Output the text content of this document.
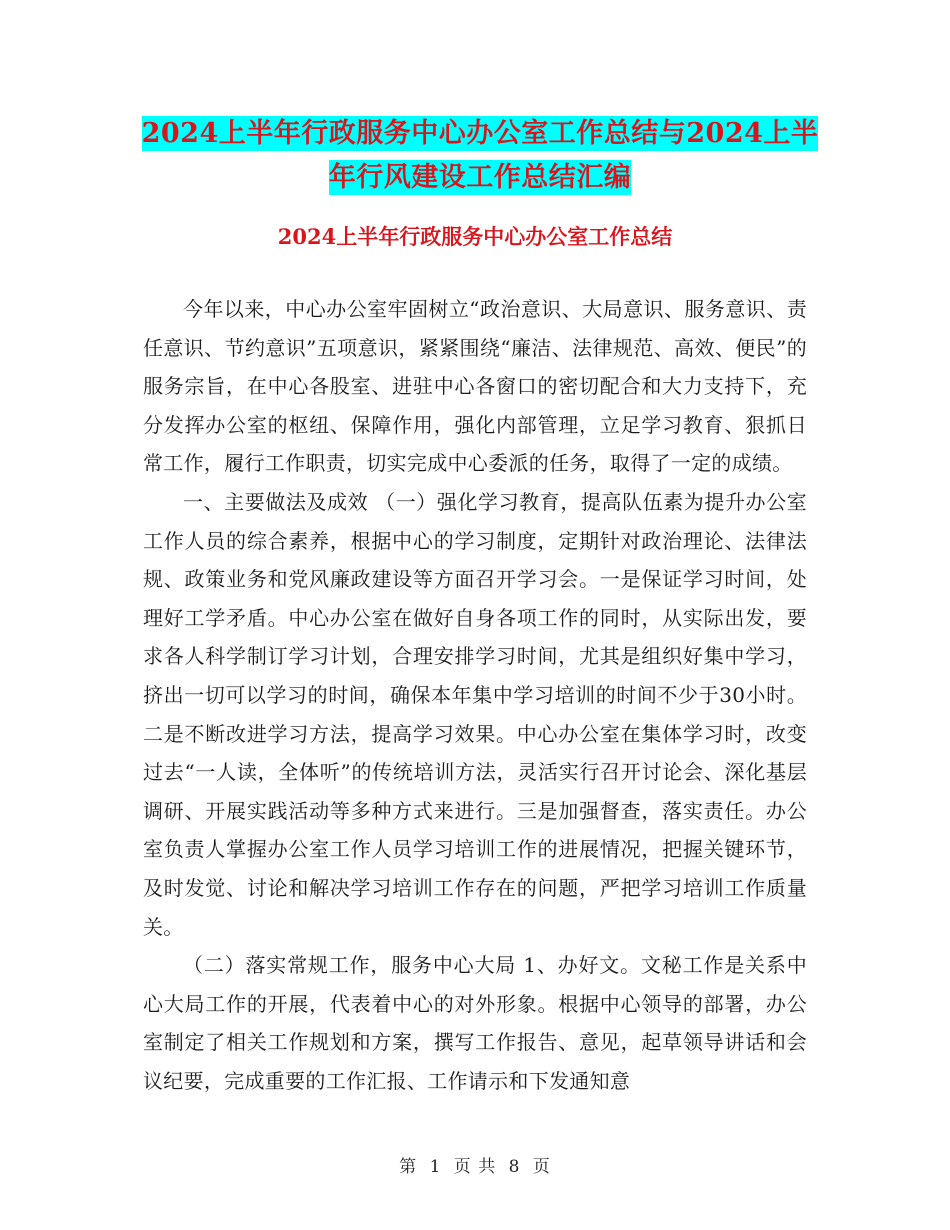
2024上半年行政服务中心办公室工作总结与2024上半
年行风建设工作总结汇编
2024上半年行政服务中心办公室工作总结

今年以来，中心办公室牢固树立“政治意识、大局意识、服务意识、责任意识、节约意识”五项意识，紧紧围绕“廉洁、法律规范、高效、便民”的服务宗旨，在中心各股室、进驻中心各窗口的密切配合和大力支持下，充分发挥办公室的枢纽、保障作用，强化内部管理，立足学习教育、狠抓日常工作，履行工作职责，切实完成中心委派的任务，取得了一定的成绩。

一、主要做法及成效 （一）强化学习教育，提高队伍素为提升办公室工作人员的综合素养，根据中心的学习制度，定期针对政治理论、法律法规、政策业务和党风廉政建设等方面召开学习会。一是保证学习时间，处理好工学矛盾。中心办公室在做好自身各项工作的同时，从实际出发，要求各人科学制订学习计划，合理安排学习时间，尤其是组织好集中学习，挤出一切可以学习的时间，确保本年集中学习培训的时间不少于30小时。二是不断改进学习方法，提高学习效果。中心办公室在集体学习时，改变过去“一人读，全体听”的传统培训方法，灵活实行召开讨论会、深化基层调研、开展实践活动等多种方式来进行。三是加强督查，落实责任。办公室负责人掌握办公室工作人员学习培训工作的进展情况，把握关键环节，及时发觉、讨论和解决学习培训工作存在的问题，严把学习培训工作质量关。

（二）落实常规工作，服务中心大局 1、办好文。文秘工作是关系中心大局工作的开展，代表着中心的对外形象。根据中心领导的部署，办公室制定了相关工作规划和方案，撰写工作报告、意见，起草领导讲话和会议纪要，完成重要的工作汇报、工作请示和下发通知意

第 1 页 共 8 页
